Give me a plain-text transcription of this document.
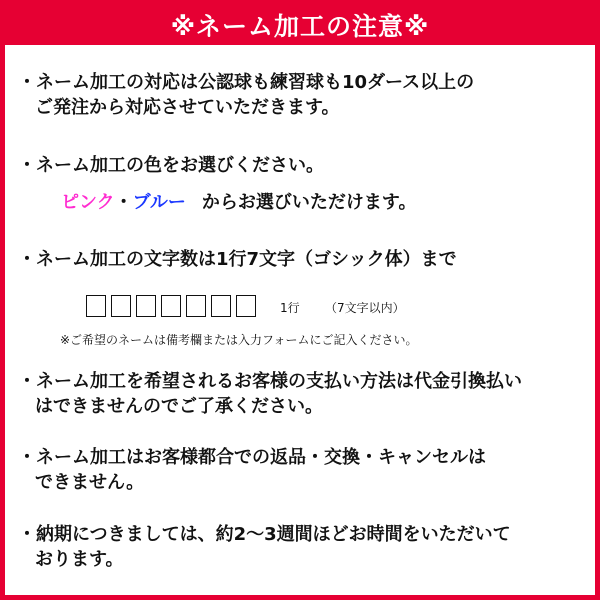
※ネーム加工の注意※
・ネーム加工の対応は公認球も練習球も10ダース以上の
ご発注から対応させていただきます。
・ネーム加工の色をお選びください。
ピンク・ブルー からお選びいただけます。
・ネーム加工の文字数は1行7文字（ゴシック体）まで
1行 （7文字以内）
※ご希望のネームは備考欄または入力フォームにご記入ください。
・ネーム加工を希望されるお客様の支払い方法は代金引換払い
はできませんのでご了承ください。
・ネーム加工はお客様都合での返品・交換・キャンセルは
できません。
・納期につきましては、約2～3週間ほどお時間をいただいて
おります。
